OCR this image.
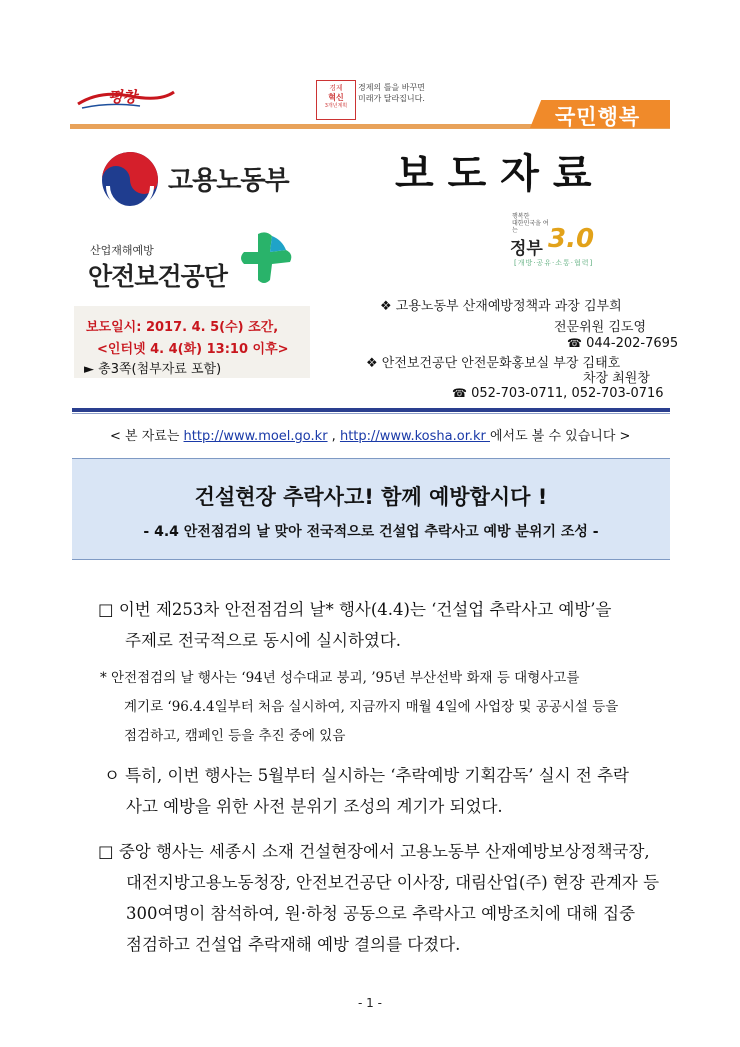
평창	경제
혁신
3개년계획
경제의 틀을 바꾸면
미래가 달라집니다.
국민행복
고용노동부	보도자료
산업재해예방
안전보건공단
행복한
대한민국을 여는
정부 3.0
[개방·공유·소통·협력]
보도일시: 2017. 4. 5(수) 조간,
<인터넷 4. 4(화) 13:10 이후>
► 총3쪽(첨부자료 포함)
❖ 고용노동부 산재예방정책과 과장 김부희
전문위원 김도영
☎ 044-202-7695
❖ 안전보건공단 안전문화홍보실 부장 김태호
차장 최원창
☎ 052-703-0711, 052-703-0716
< 본 자료는 http://www.moel.go.kr , http://www.kosha.or.kr 에서도 볼 수 있습니다 >
건설현장 추락사고! 함께 예방합시다 !
- 4.4 안전점검의 날 맞아 전국적으로 건설업 추락사고 예방 분위기 조성 -
□ 이번 제253차 안전점검의 날* 행사(4.4)는 ‘건설업 추락사고 예방’을
주제로 전국적으로 동시에 실시하였다.
* 안전점검의 날 행사는 ‘94년 성수대교 붕괴, ’95년 부산선박 화재 등 대형사고를
계기로 ‘96.4.4일부터 처음 실시하여, 지금까지 매월 4일에 사업장 및 공공시설 등을
점검하고, 캠페인 등을 추진 중에 있음
ㅇ 특히, 이번 행사는 5월부터 실시하는 ‘추락예방 기획감독’ 실시 전 추락
사고 예방을 위한 사전 분위기 조성의 계기가 되었다.
□ 중앙 행사는 세종시 소재 건설현장에서 고용노동부 산재예방보상정책국장,
대전지방고용노동청장, 안전보건공단 이사장, 대림산업(주) 현장 관계자 등
300여명이 참석하여, 원·하청 공동으로 추락사고 예방조치에 대해 집중
점검하고 건설업 추락재해 예방 결의를 다졌다.
- 1 -
